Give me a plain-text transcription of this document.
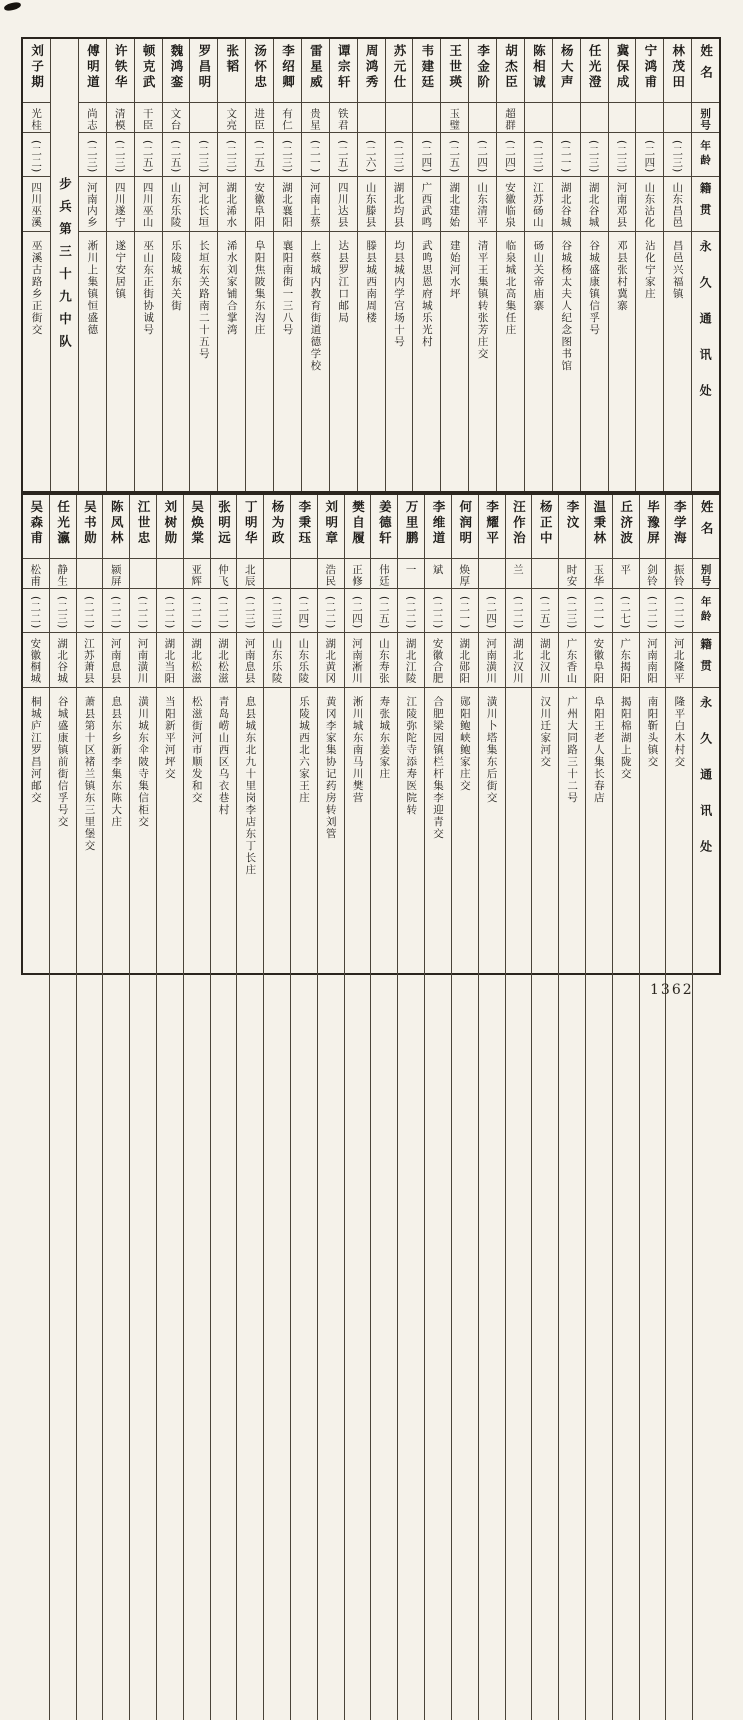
姓名
别号
年龄
籍贯
永久通讯处
林茂田
(二三)
山东昌邑
昌邑兴福镇
宁鸿甫
(二四)
山东沾化
沾化宁家庄
冀保成
(二三)
河南邓县
邓县张村冀寨
任光澄
(二三)
湖北谷城
谷城盛康镇信孚号
杨大声
(二一)
湖北谷城
谷城杨太夫人纪念图书馆
陈相诚
(二三)
江苏砀山
砀山关帝庙寨
胡杰臣
超群
(二四)
安徽临泉
临泉城北高集任庄
李金阶
(二四)
山东清平
清平王集镇转张芳庄交
王世瑛
玉璧
(二五)
湖北建始
建始河水坪
韦建廷
(二四)
广西武鸣
武鸣思恩府城乐光村
苏元仕
(二三)
湖北均县
均县城内学宫场十号
周鸿秀
(二六)
山东滕县
滕县城西南周楼
谭宗轩
铁君
(二五)
四川达县
达县罗江口邮局
雷星威
贵星
(二一)
河南上蔡
上蔡城内教育街道德学校
李绍卿
有仁
(二三)
湖北襄阳
襄阳南街一三八号
汤怀忠
进臣
(二五)
安徽阜阳
阜阳焦陂集东沟庄
张韬
文亮
(二三)
湖北浠水
浠水刘家铺合掌湾
罗昌明
(二三)
河北长垣
长垣东关路南二十五号
魏鸿銮
文台
(二五)
山东乐陵
乐陵城东关街
顿克武
干臣
(二五)
四川巫山
巫山东正街协诚号
许铁华
清模
(二三)
四川遂宁
遂宁安居镇
傅明道
尚志
(二三)
河南内乡
淅川上集镇恒盛德
步兵第三十九中队
刘子期
光桂
(二二)
四川巫溪
巫溪古路乡正街交
姓名
别号
年龄
籍贯
永久通讯处
李学海
振铃
(二二)
河北隆平
隆平白木村交
毕豫屏
剑铃
(二二)
河南南阳
南阳靳头镇交
丘济波
平
(二七)
广东揭阳
揭阳棉湖上陇交
温秉林
玉华
(二一)
安徽阜阳
阜阳王老人集长春店
李汶
时安
(二三)
广东香山
广州大同路三十二号
杨正中
(二五)
湖北汉川
汉川迁家河交
汪作治
兰
(二二)
湖北汉川
李耀平
(二四)
河南潢川
潢川卜塔集东后街交
何润明
焕厚
(二一)
湖北郧阳
郧阳鲍峡鲍家庄交
李维道
斌
(二二)
安徽合肥
合肥梁园镇栏杆集李迎青交
万里鹏
一
(二二)
湖北江陵
江陵弥陀寺添寿医院转
姜德轩
伟廷
(二五)
山东寿张
寿张城东姜家庄
樊自履
正修
(二四)
河南淅川
淅川城东南马川樊营
刘明章
浩民
(二二)
湖北黄冈
黄冈李家集协记药房转刘管
李秉珏
(二四)
山东乐陵
乐陵城西北六家王庄
杨为政
(二三)
山东乐陵
丁明华
北辰
(二三)
河南息县
息县城东北九十里岗李店东丁长庄
张明远
仲飞
(二二)
湖北松滋
青岛崂山西区乌衣巷村
吴焕棠
亚辉
(二二)
湖北松滋
松滋街河市顺发和交
刘树勋
(二二)
湖北当阳
当阳新平河坪交
江世忠
(二二)
河南潢川
潢川城东伞陂寺集信柜交
陈凤林
颍屏
(二二)
河南息县
息县东乡新李集东陈大庄
吴书勋
(二二)
江苏萧县
萧县第十区褚兰镇东三里堡交
任光瀛
静生
(二三)
湖北谷城
谷城盛康镇前街信孚号交
吴森甫
松甫
(二二)
安徽桐城
桐城庐江罗昌河邮交
1362
